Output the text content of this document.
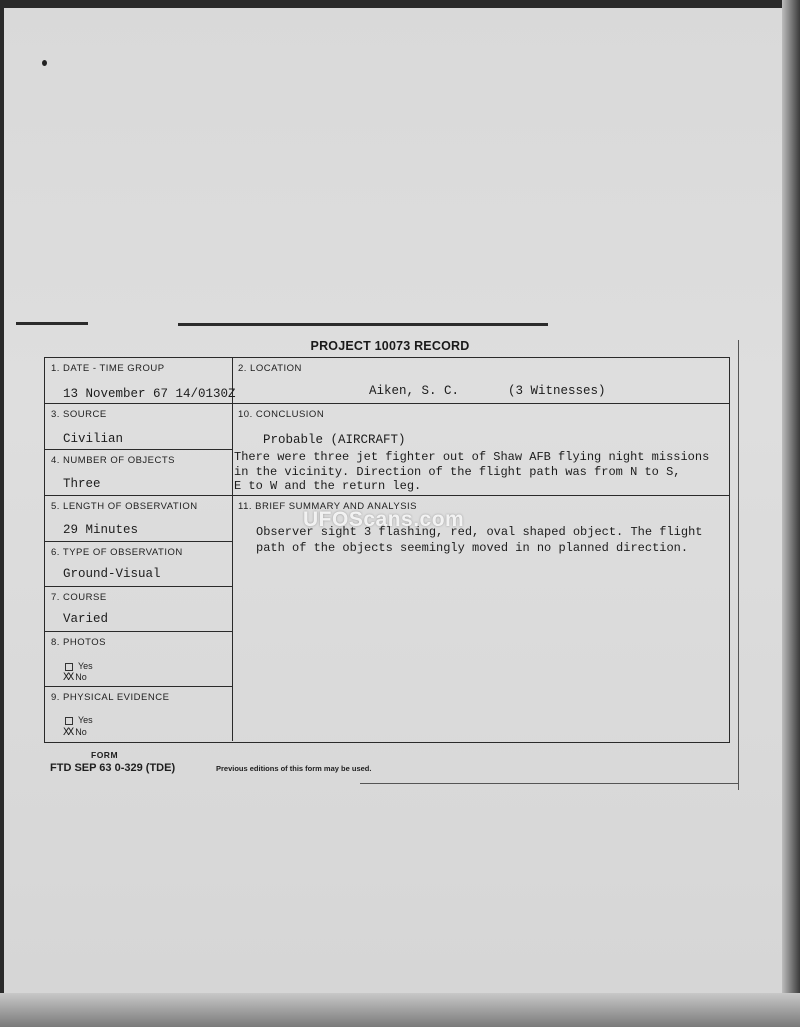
PROJECT 10073 RECORD
1. DATE - TIME GROUP
13 November 67 14/0130Z
2. LOCATION
Aiken, S. C.	(3 Witnesses)
3. SOURCE
Civilian
4. NUMBER OF OBJECTS
Three
5. LENGTH OF OBSERVATION
29 Minutes
6. TYPE OF OBSERVATION
Ground-Visual
7. COURSE
Varied
8. PHOTOS
Yes
XX No
9. PHYSICAL EVIDENCE
Yes
XX No
10. CONCLUSION
Probable (AIRCRAFT)
There were three jet fighter out of Shaw AFB flying night missions
in the vicinity. Direction of the flight path was from N to S,
E to W and the return leg.
11. BRIEF SUMMARY AND ANALYSIS
Observer sight 3 flashing, red, oval shaped object. The flight
path of the objects seemingly moved in no planned direction.
UFOScans.com
FORM
FTD SEP 63 0-329 (TDE)	Previous editions of this form may be used.
